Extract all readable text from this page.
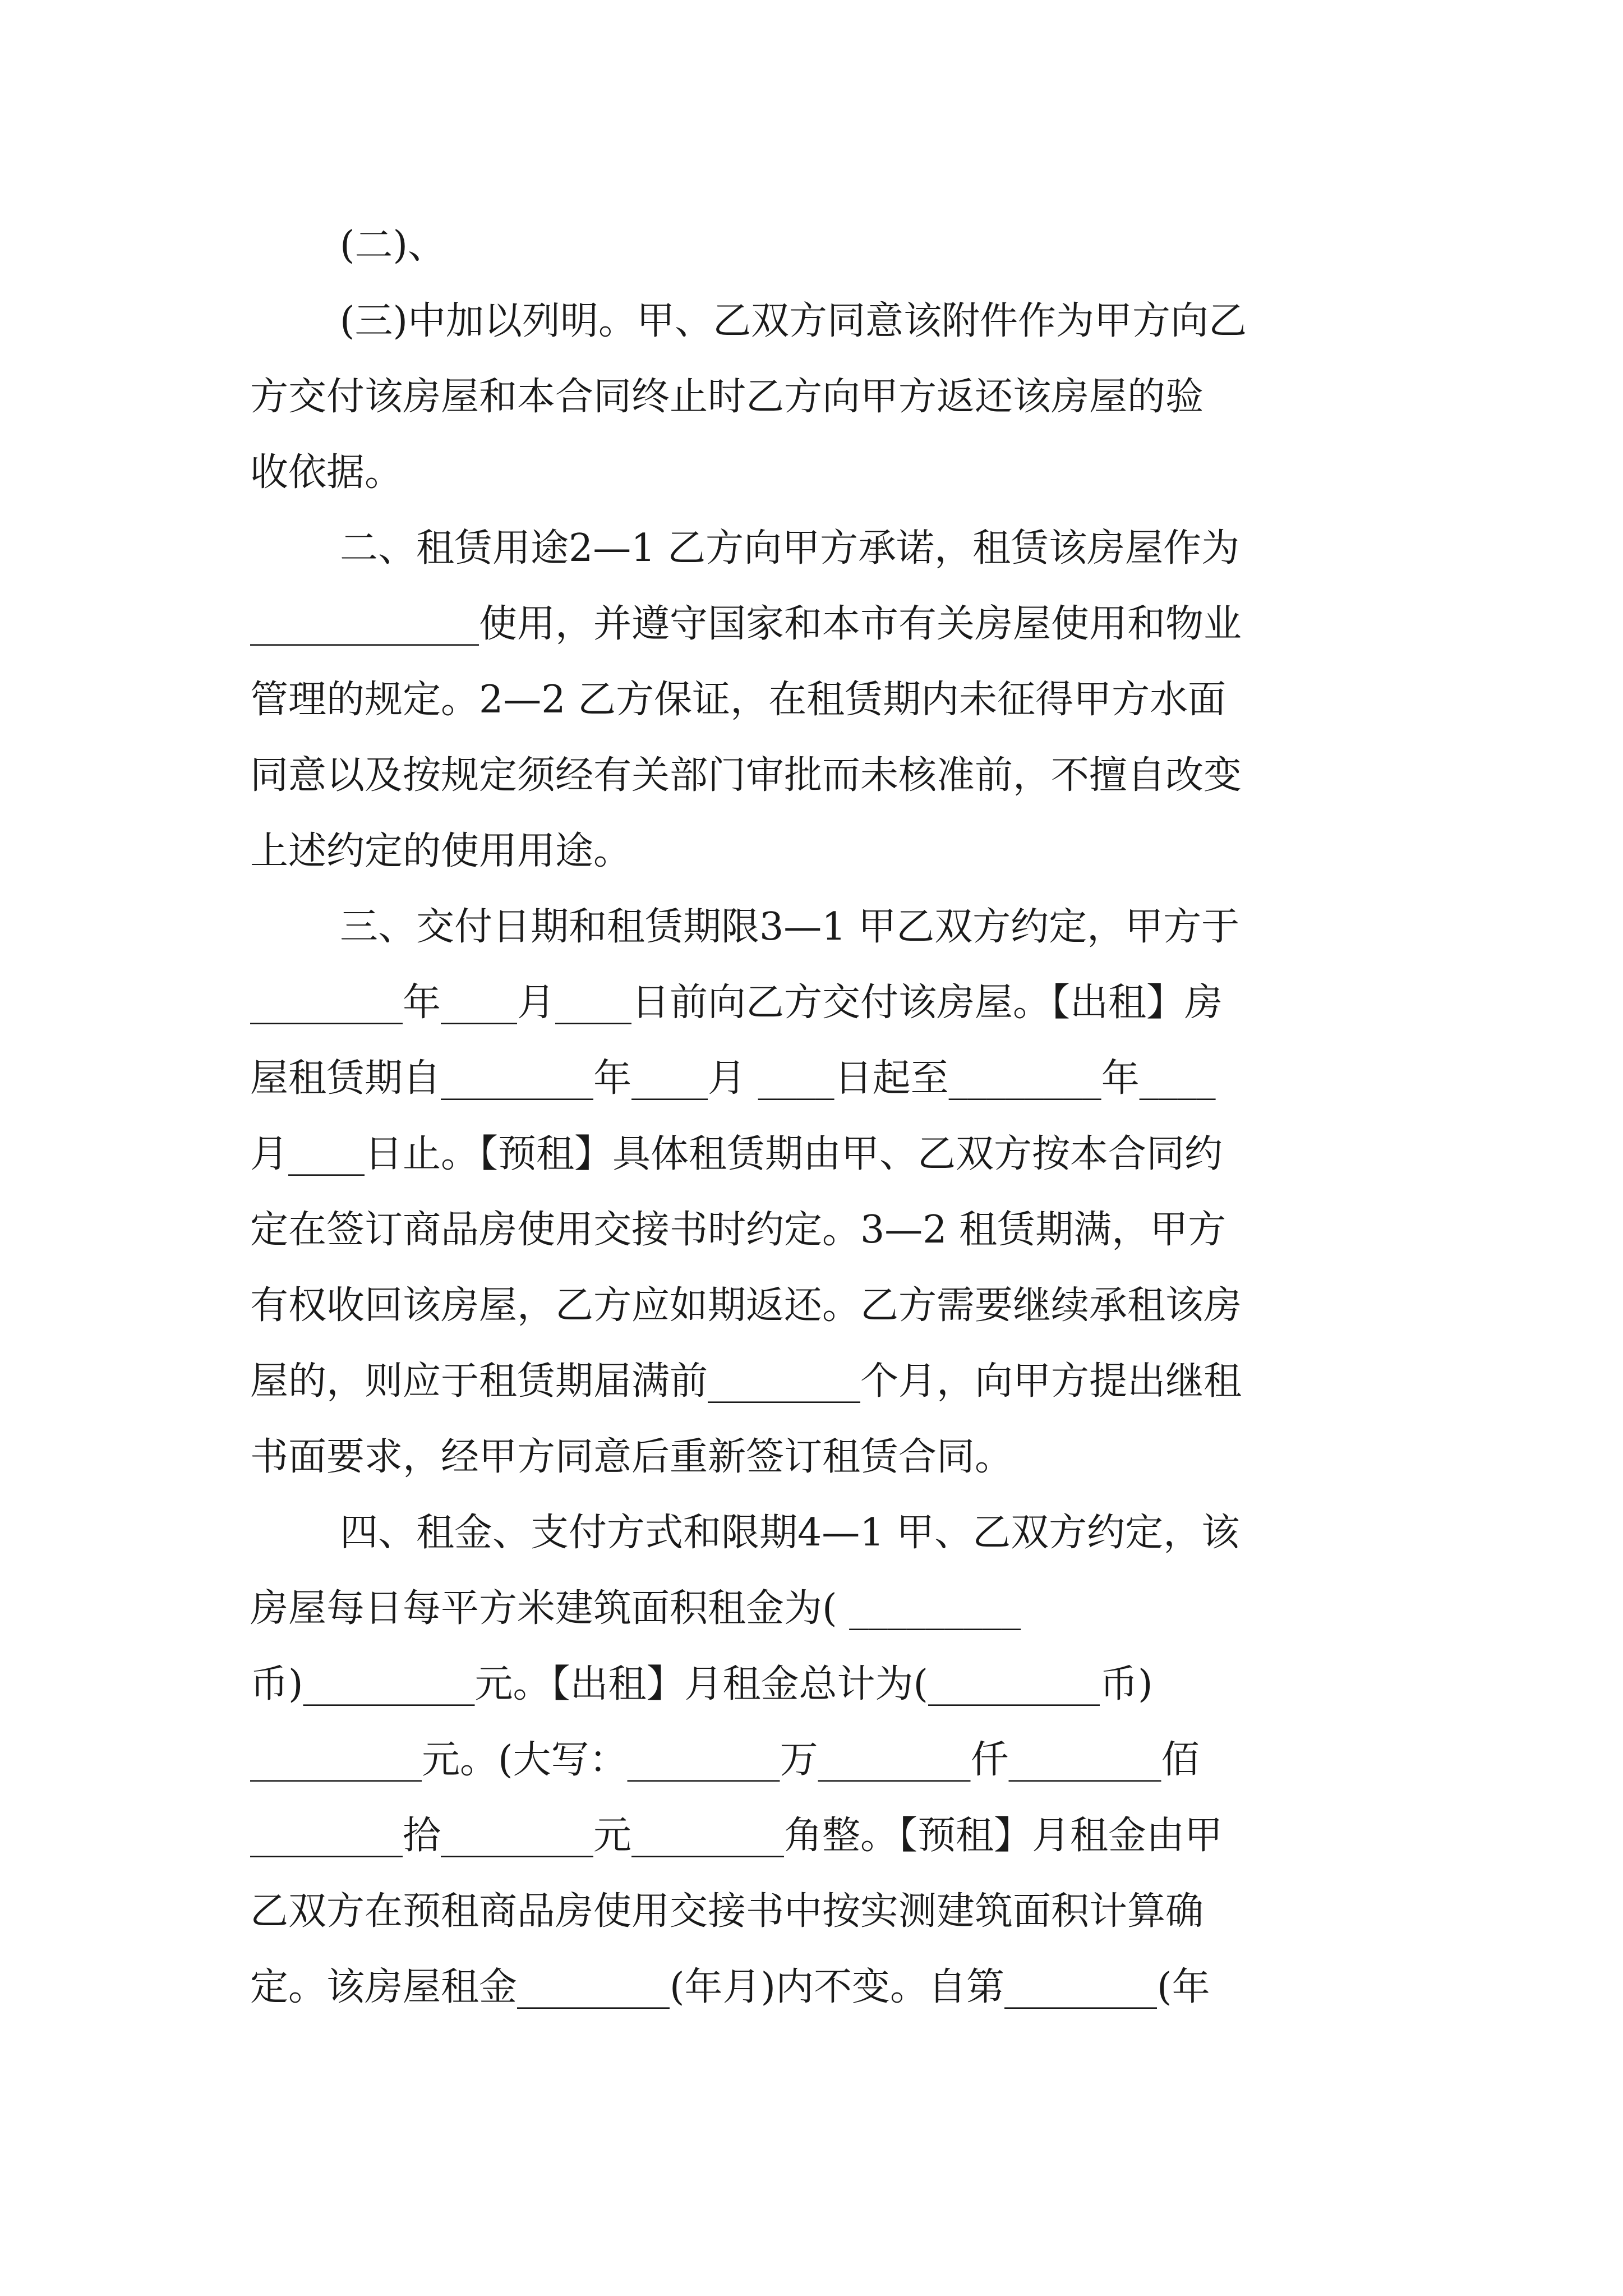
(二)、

(三)中加以列明。甲、乙双方同意该附件作为甲方向乙

方交付该房屋和本合同终止时乙方向甲方返还该房屋的验

收依据。

二、租赁用途2—1 乙方向甲方承诺，租赁该房屋作为

____________使用，并遵守国家和本市有关房屋使用和物业

管理的规定。2—2 乙方保证，在租赁期内未征得甲方水面

同意以及按规定须经有关部门审批而未核准前，不擅自改变

上述约定的使用用途。

三、交付日期和租赁期限3—1 甲乙双方约定，甲方于

________年____月____日前向乙方交付该房屋。【出租】房

屋租赁期自________年____月 ____日起至________年____

月____日止。【预租】具体租赁期由甲、乙双方按本合同约

定在签订商品房使用交接书时约定。3—2 租赁期满，甲方

有权收回该房屋，乙方应如期返还。乙方需要继续承租该房

屋的，则应于租赁期届满前________个月，向甲方提出继租

书面要求，经甲方同意后重新签订租赁合同。

四、租金、支付方式和限期4—1 甲、乙双方约定，该

房屋每日每平方米建筑面积租金为( _________

币)_________元。【出租】月租金总计为(_________币)

_________元。(大写：________万________仟________佰

________拾________元________角整。【预租】月租金由甲

乙双方在预租商品房使用交接书中按实测建筑面积计算确

定。该房屋租金________(年月)内不变。自第________(年
